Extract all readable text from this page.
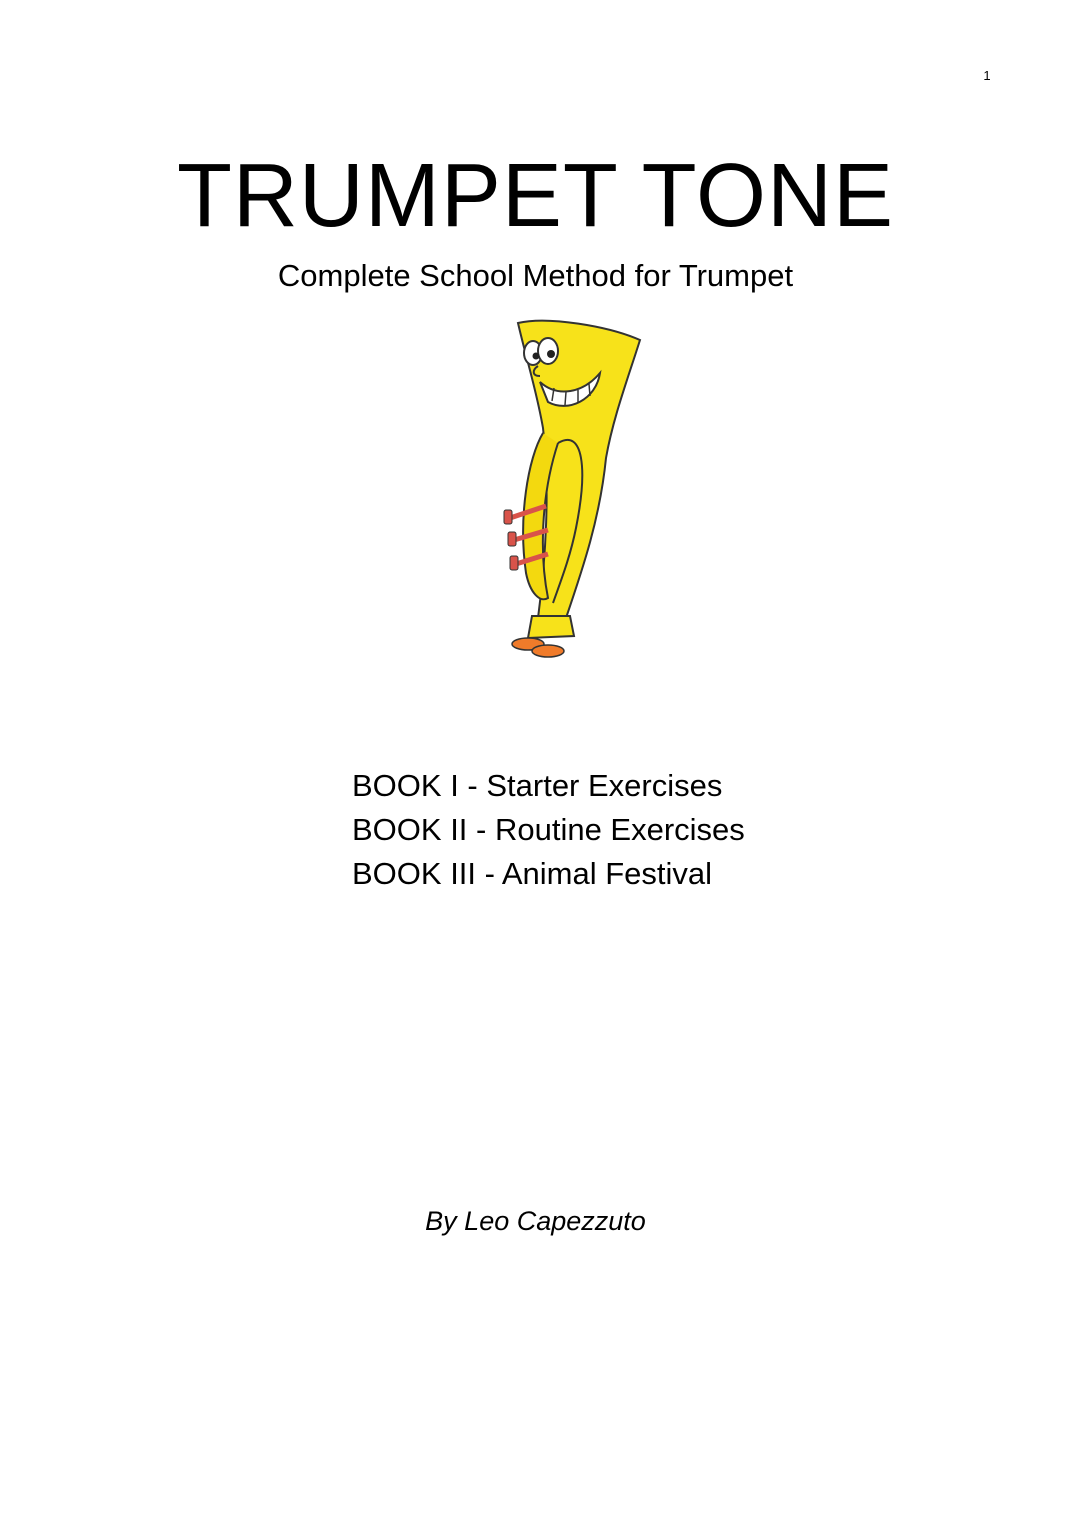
1
TRUMPET TONE
Complete School Method for Trumpet
BOOK I - Starter Exercises
BOOK II - Routine Exercises
BOOK III - Animal Festival
By Leo Capezzuto
